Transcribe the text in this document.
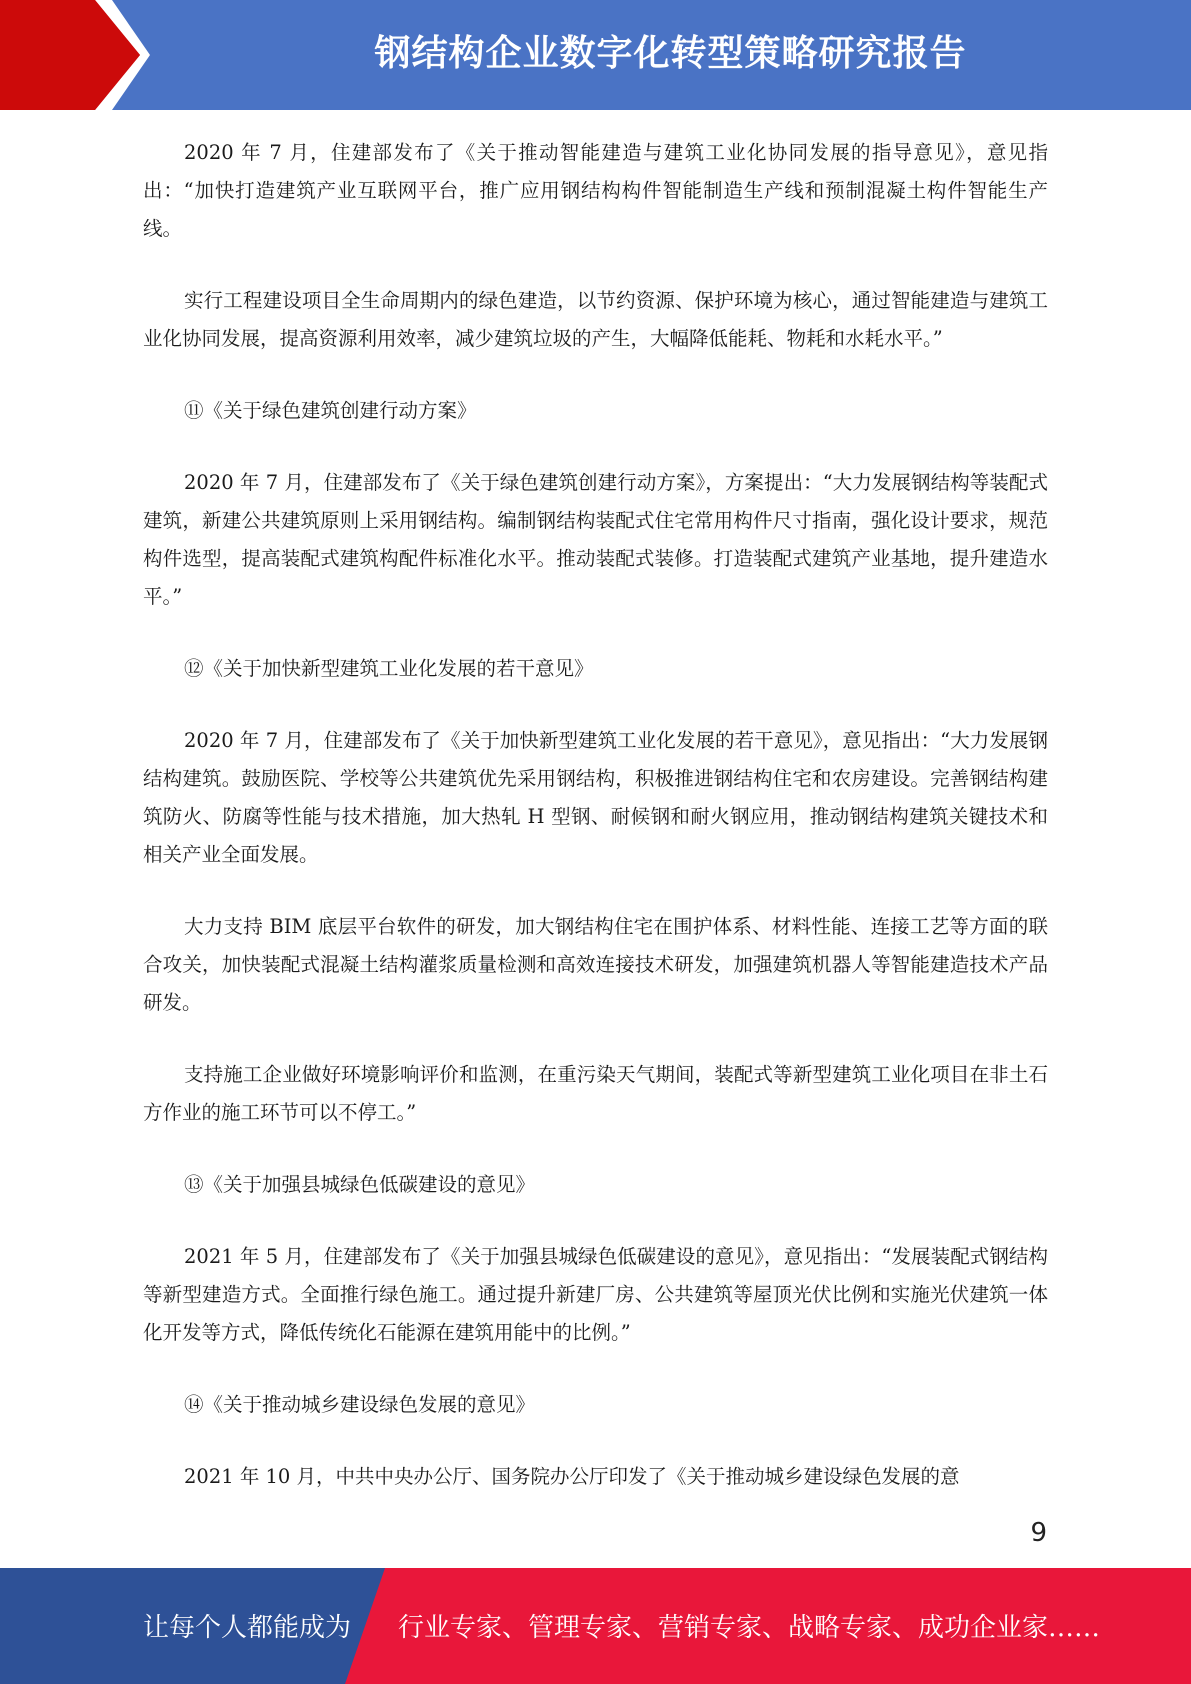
钢结构企业数字化转型策略研究报告

2020 年 7 月，住建部发布了《关于推动智能建造与建筑工业化协同发展的指导意见》，意见指出：“加快打造建筑产业互联网平台，推广应用钢结构构件智能制造生产线和预制混凝土构件智能生产线。

实行工程建设项目全生命周期内的绿色建造，以节约资源、保护环境为核心，通过智能建造与建筑工业化协同发展，提高资源利用效率，减少建筑垃圾的产生，大幅降低能耗、物耗和水耗水平。”

⑪《关于绿色建筑创建行动方案》

2020 年 7 月，住建部发布了《关于绿色建筑创建行动方案》，方案提出：“大力发展钢结构等装配式建筑，新建公共建筑原则上采用钢结构。编制钢结构装配式住宅常用构件尺寸指南，强化设计要求，规范构件选型，提高装配式建筑构配件标准化水平。推动装配式装修。打造装配式建筑产业基地，提升建造水平。”

⑫《关于加快新型建筑工业化发展的若干意见》

2020 年 7 月，住建部发布了《关于加快新型建筑工业化发展的若干意见》，意见指出：“大力发展钢结构建筑。鼓励医院、学校等公共建筑优先采用钢结构，积极推进钢结构住宅和农房建设。完善钢结构建筑防火、防腐等性能与技术措施，加大热轧 H 型钢、耐候钢和耐火钢应用，推动钢结构建筑关键技术和相关产业全面发展。

大力支持 BIM 底层平台软件的研发，加大钢结构住宅在围护体系、材料性能、连接工艺等方面的联合攻关，加快装配式混凝土结构灌浆质量检测和高效连接技术研发，加强建筑机器人等智能建造技术产品研发。

支持施工企业做好环境影响评价和监测，在重污染天气期间，装配式等新型建筑工业化项目在非土石方作业的施工环节可以不停工。”

⑬《关于加强县城绿色低碳建设的意见》

2021 年 5 月，住建部发布了《关于加强县城绿色低碳建设的意见》，意见指出：“发展装配式钢结构等新型建造方式。全面推行绿色施工。通过提升新建厂房、公共建筑等屋顶光伏比例和实施光伏建筑一体化开发等方式，降低传统化石能源在建筑用能中的比例。”

⑭《关于推动城乡建设绿色发展的意见》

2021 年 10 月，中共中央办公厅、国务院办公厅印发了《关于推动城乡建设绿色发展的意

9
让每个人都能成为 行业专家、管理专家、营销专家、战略专家、成功企业家……
